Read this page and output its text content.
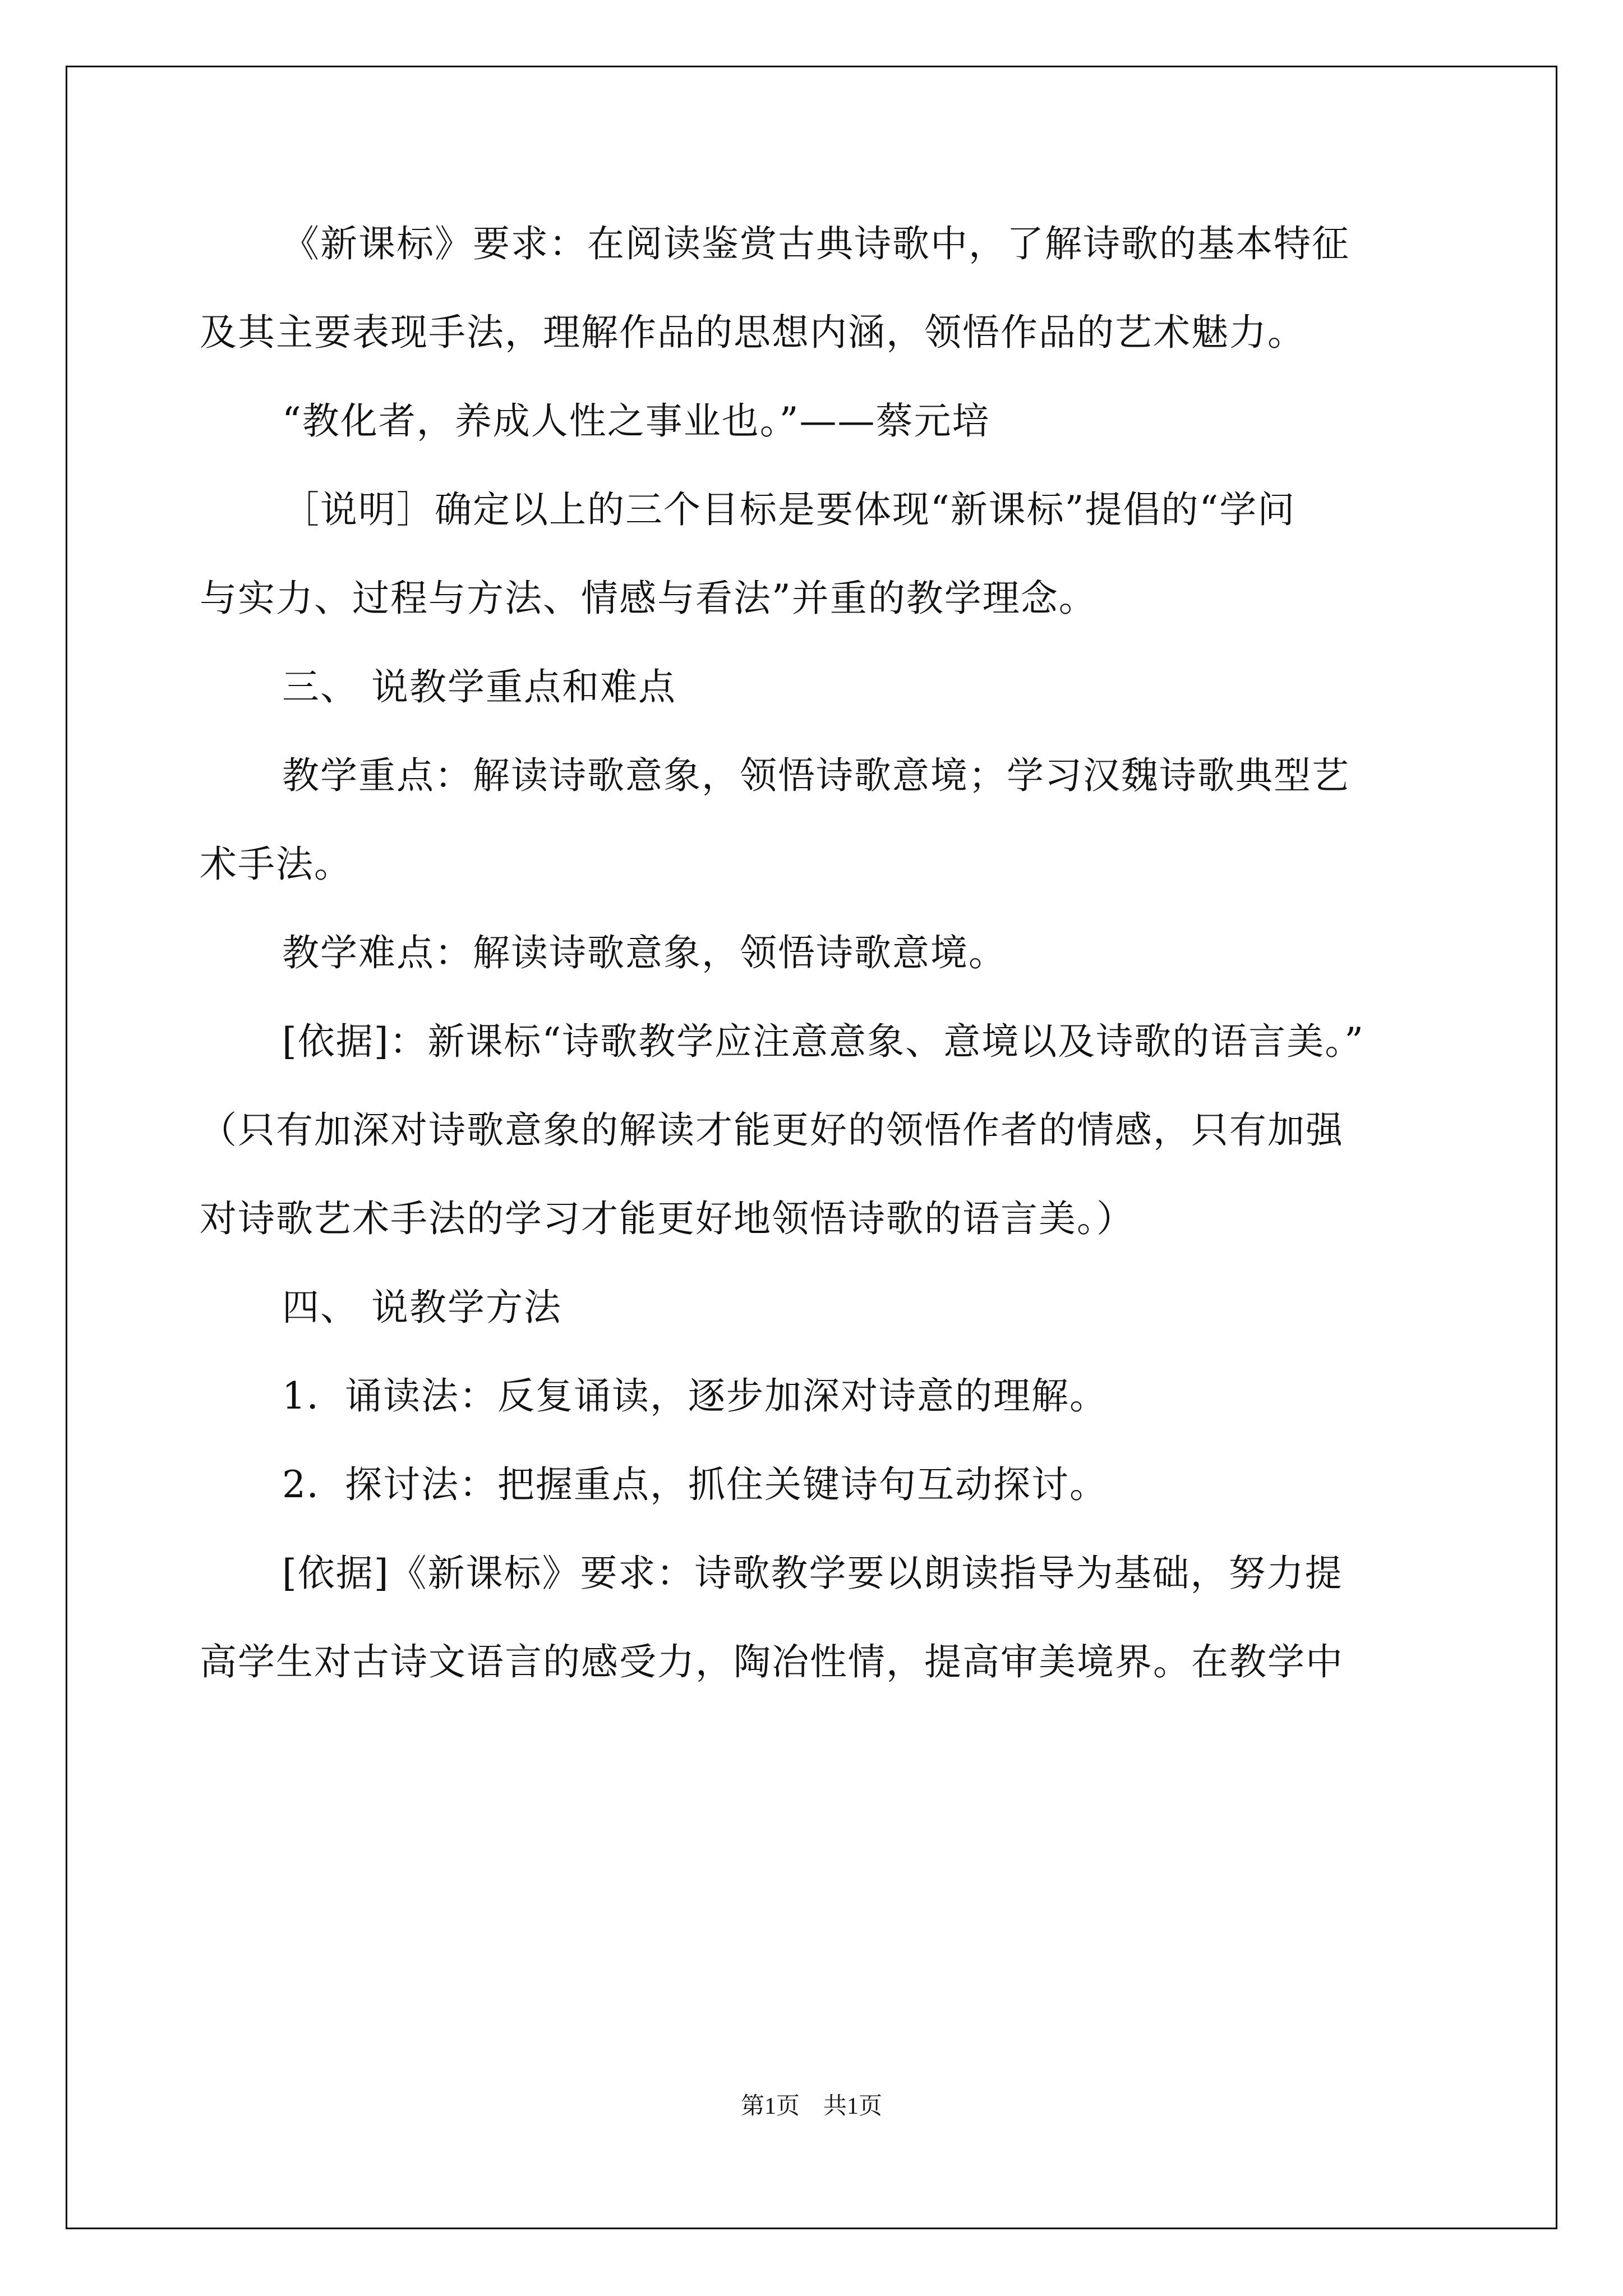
《新课标》要求：在阅读鉴赏古典诗歌中，了解诗歌的基本特征
及其主要表现手法，理解作品的思想内涵，领悟作品的艺术魅力。
“教化者，养成人性之事业也。”——蔡元培
［说明］确定以上的三个目标是要体现“新课标”提倡的“学问
与实力、过程与方法、情感与看法”并重的教学理念。
三、 说教学重点和难点
教学重点：解读诗歌意象，领悟诗歌意境；学习汉魏诗歌典型艺
术手法。
教学难点：解读诗歌意象，领悟诗歌意境。
[依据]：新课标“诗歌教学应注意意象、意境以及诗歌的语言美。”
（只有加深对诗歌意象的解读才能更好的领悟作者的情感，只有加强
对诗歌艺术手法的学习才能更好地领悟诗歌的语言美。）
四、 说教学方法
1．诵读法：反复诵读，逐步加深对诗意的理解。
2．探讨法：把握重点，抓住关键诗句互动探讨。
[依据]《新课标》要求：诗歌教学要以朗读指导为基础，努力提
高学生对古诗文语言的感受力，陶冶性情，提高审美境界。在教学中
第1页　共1页
